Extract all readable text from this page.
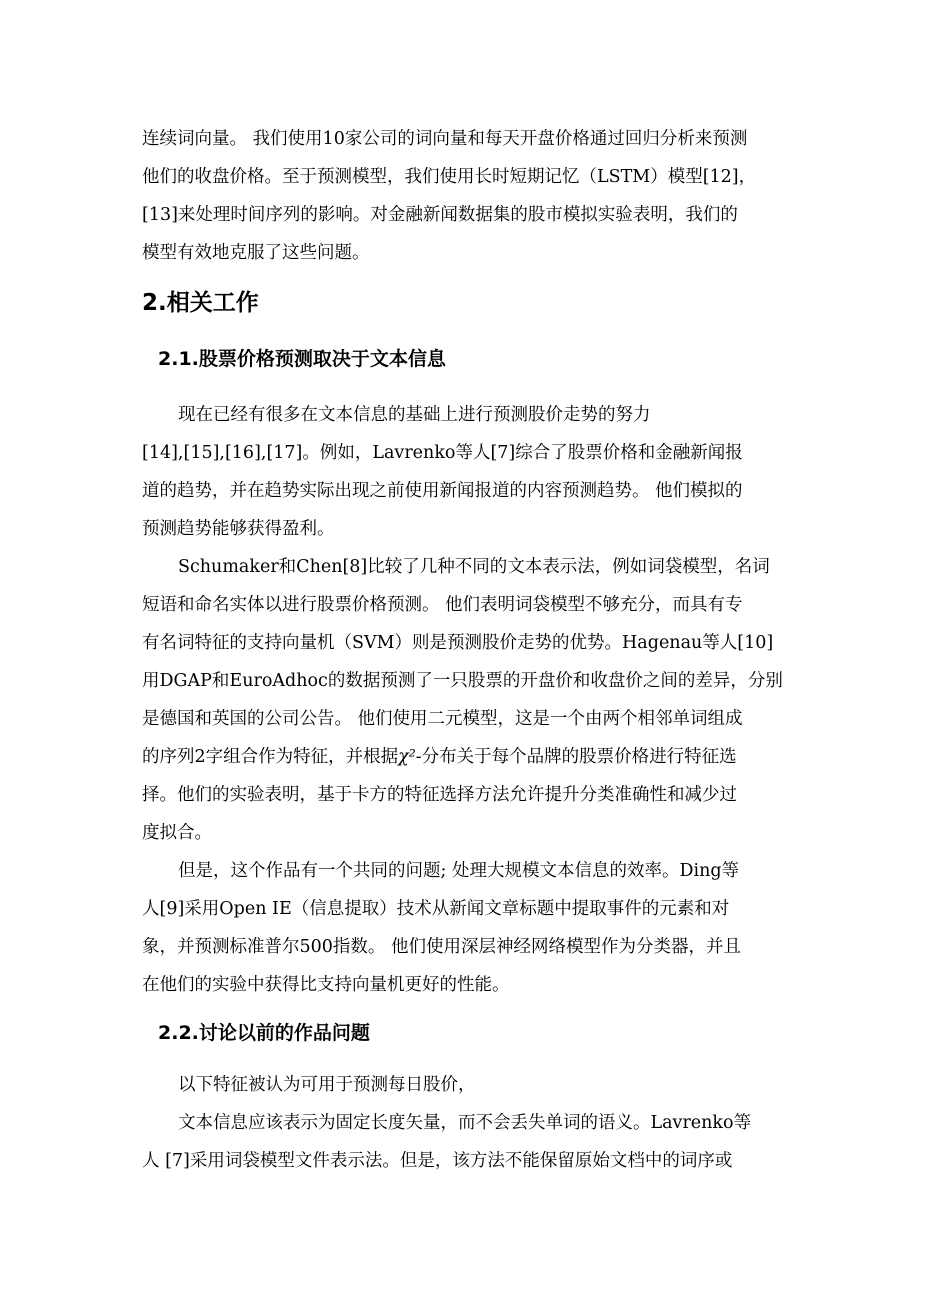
连续词向量。 我们使用10家公司的词向量和每天开盘价格通过回归分析来预测
他们的收盘价格。至于预测模型，我们使用长时短期记忆（LSTM）模型[12]，
[13]来处理时间序列的影响。对金融新闻数据集的股市模拟实验表明，我们的
模型有效地克服了这些问题。

2.相关工作
2.1.股票价格预测取决于文本信息

现在已经有很多在文本信息的基础上进行预测股价走势的努力
[14],[15],[16],[17]。例如，Lavrenko等人[7]综合了股票价格和金融新闻报
道的趋势，并在趋势实际出现之前使用新闻报道的内容预测趋势。 他们模拟的
预测趋势能够获得盈利。

Schumaker和Chen[8]比较了几种不同的文本表示法，例如词袋模型，名词
短语和命名实体以进行股票价格预测。 他们表明词袋模型不够充分，而具有专
有名词特征的支持向量机（SVM）则是预测股价走势的优势。Hagenau等人[10]
用DGAP和EuroAdhoc的数据预测了一只股票的开盘价和收盘价之间的差异，分别
是德国和英国的公司公告。 他们使用二元模型，这是一个由两个相邻单词组成
的序列2字组合作为特征，并根据χ²-分布关于每个品牌的股票价格进行特征选
择。他们的实验表明，基于卡方的特征选择方法允许提升分类准确性和减少过
度拟合。

但是，这个作品有一个共同的问题; 处理大规模文本信息的效率。Ding等
人[9]采用Open IE（信息提取）技术从新闻文章标题中提取事件的元素和对
象，并预测标准普尔500指数。 他们使用深层神经网络模型作为分类器，并且
在他们的实验中获得比支持向量机更好的性能。

2.2.讨论以前的作品问题

以下特征被认为可用于预测每日股价，

文本信息应该表示为固定长度矢量，而不会丢失单词的语义。Lavrenko等
人 [7]采用词袋模型文件表示法。但是，该方法不能保留原始文档中的词序或
